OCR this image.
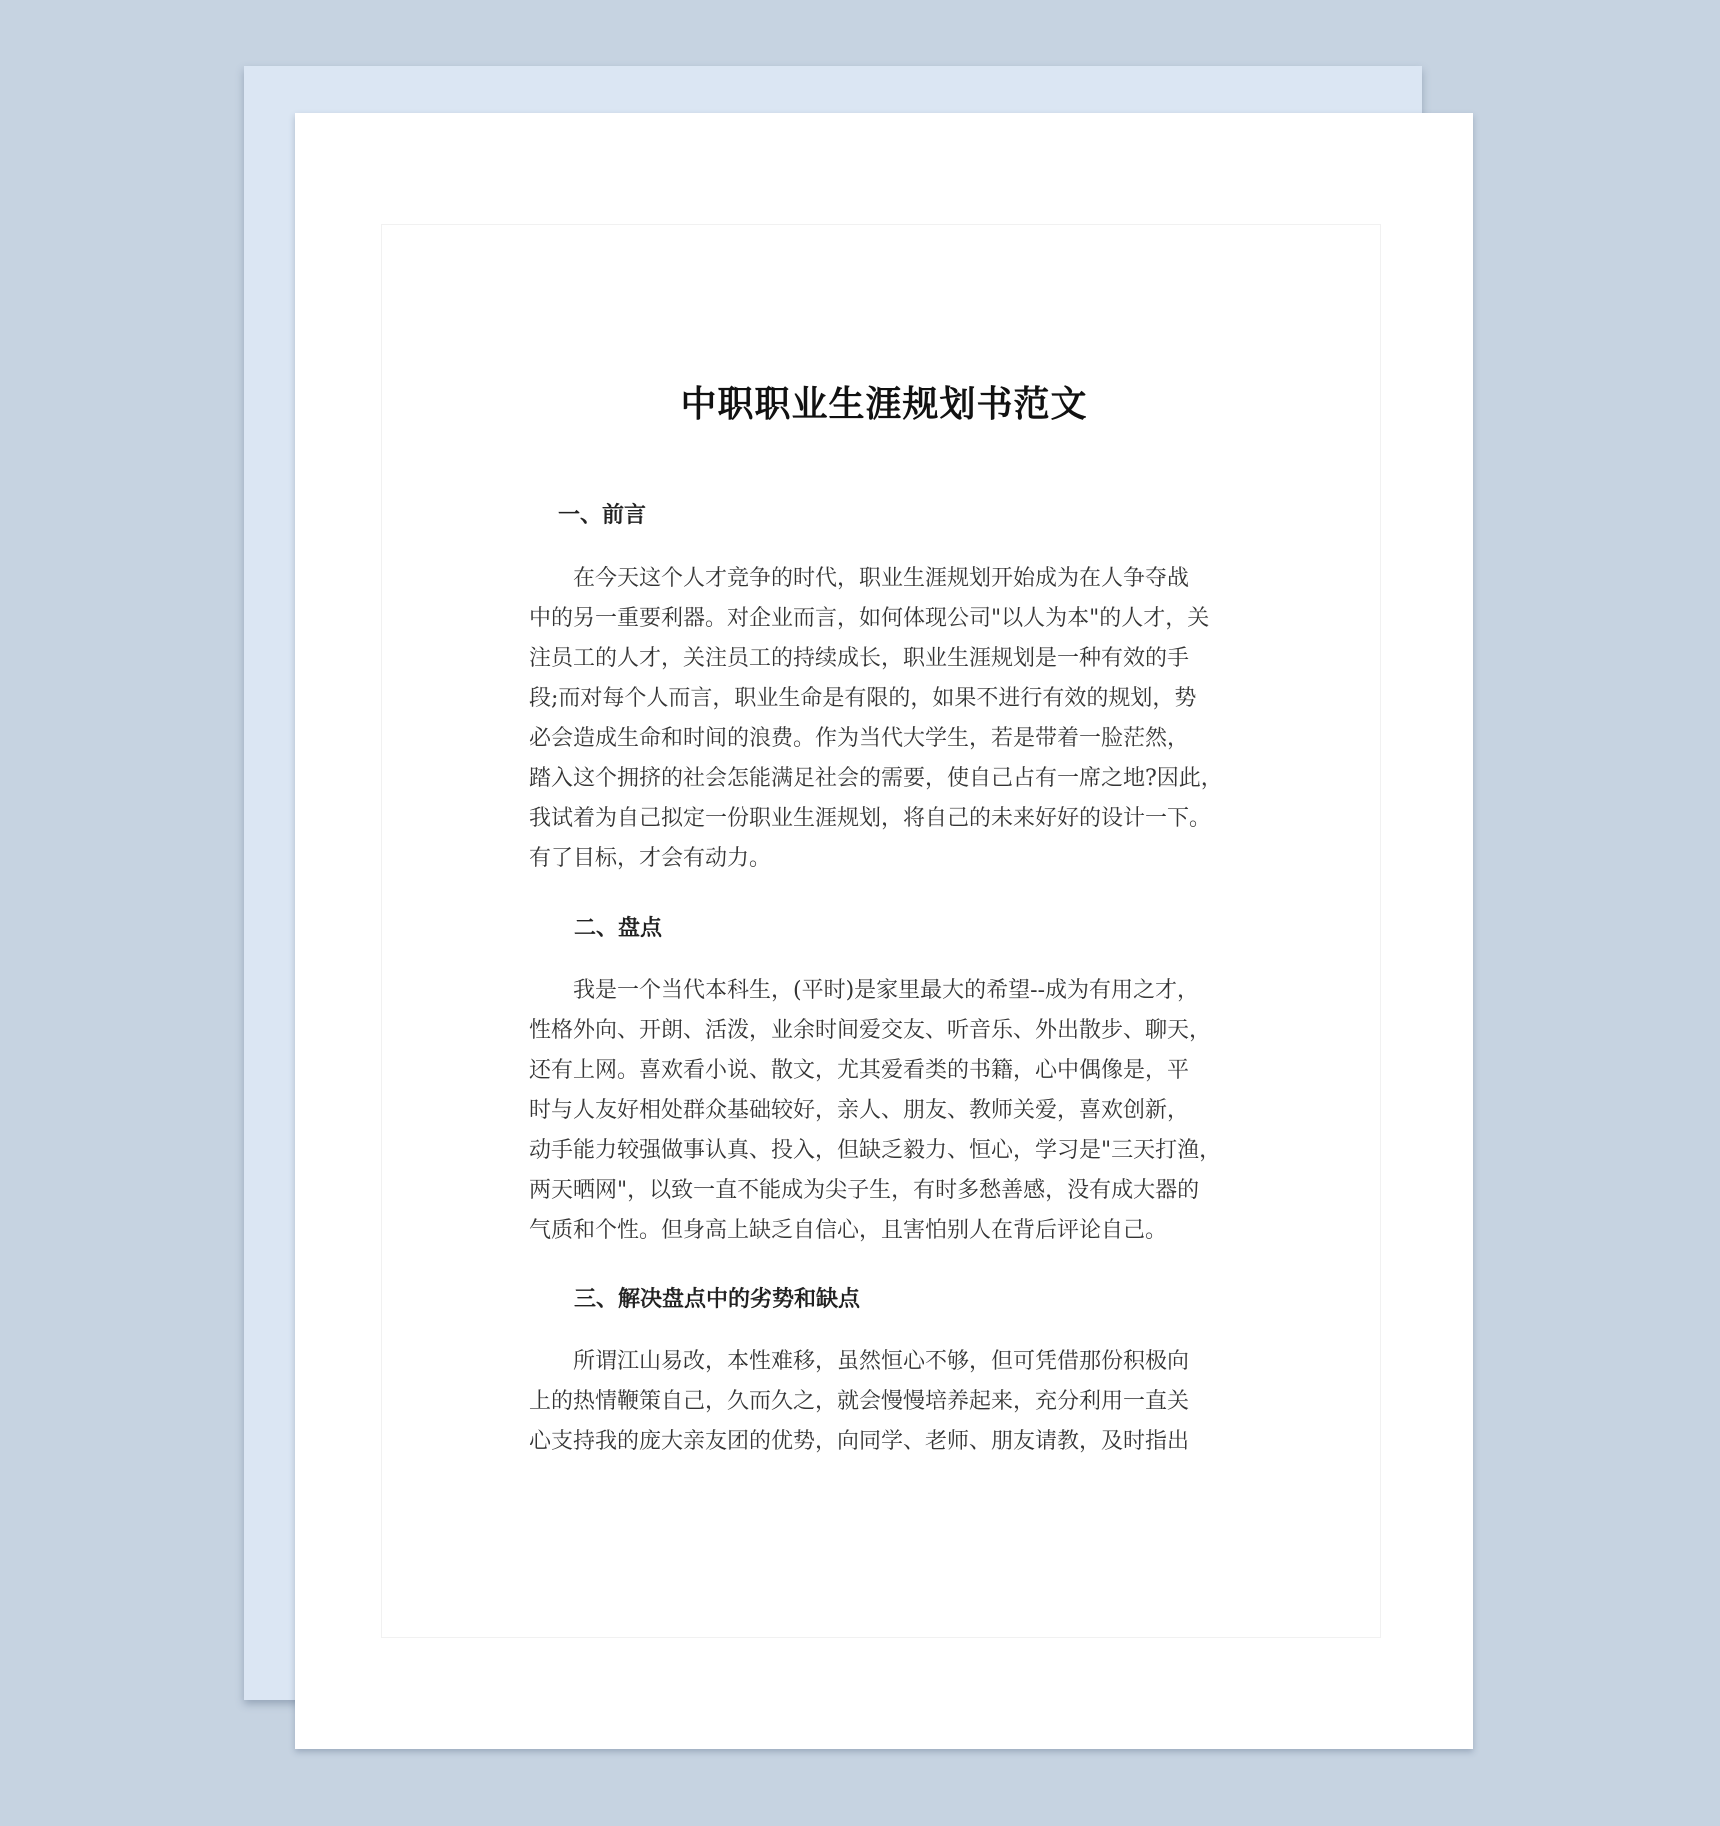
中职职业生涯规划书范文
一、前言
在今天这个人才竞争的时代，职业生涯规划开始成为在人争夺战
中的另一重要利器。对企业而言，如何体现公司"以人为本"的人才，关
注员工的人才，关注员工的持续成长，职业生涯规划是一种有效的手
段;而对每个人而言，职业生命是有限的，如果不进行有效的规划，势
必会造成生命和时间的浪费。作为当代大学生，若是带着一脸茫然，
踏入这个拥挤的社会怎能满足社会的需要，使自己占有一席之地?因此，
我试着为自己拟定一份职业生涯规划，将自己的未来好好的设计一下。
有了目标，才会有动力。
二、盘点
我是一个当代本科生，(平时)是家里最大的希望--成为有用之才，
性格外向、开朗、活泼，业余时间爱交友、听音乐、外出散步、聊天，
还有上网。喜欢看小说、散文，尤其爱看类的书籍，心中偶像是，平
时与人友好相处群众基础较好，亲人、朋友、教师关爱，喜欢创新，
动手能力较强做事认真、投入，但缺乏毅力、恒心，学习是"三天打渔，
两天晒网"，以致一直不能成为尖子生，有时多愁善感，没有成大器的
气质和个性。但身高上缺乏自信心，且害怕别人在背后评论自己。
三、解决盘点中的劣势和缺点
所谓江山易改，本性难移，虽然恒心不够，但可凭借那份积极向
上的热情鞭策自己，久而久之，就会慢慢培养起来，充分利用一直关
心支持我的庞大亲友团的优势，向同学、老师、朋友请教，及时指出
